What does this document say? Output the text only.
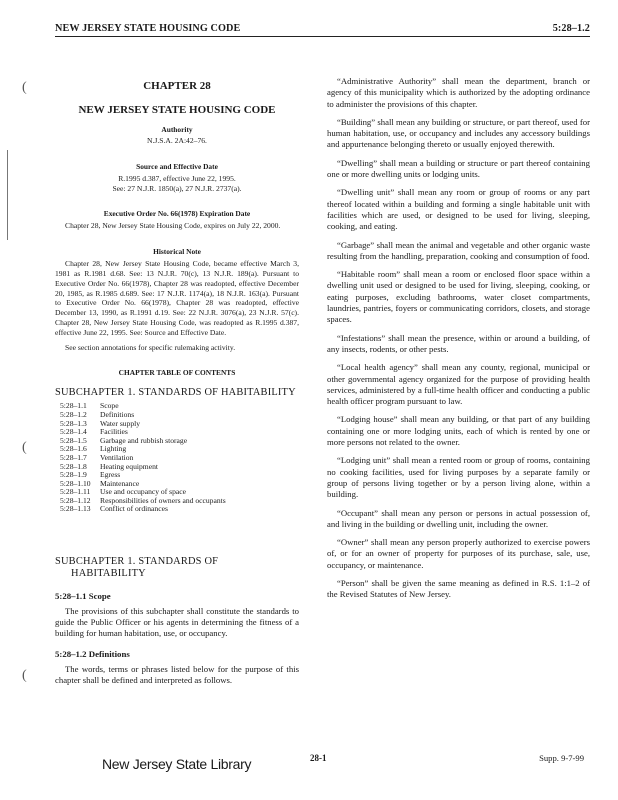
(
(
(
NEW JERSEY STATE HOUSING CODE	5:28–1.2
CHAPTER 28
NEW JERSEY STATE HOUSING CODE
Authority
N.J.S.A. 2A:42–76.
Source and Effective Date
R.1995 d.387, effective June 22, 1995.
See: 27 N.J.R. 1850(a), 27 N.J.R. 2737(a).
Executive Order No. 66(1978) Expiration Date
Chapter 28, New Jersey State Housing Code, expires on July 22, 2000.
Historical Note
Chapter 28, New Jersey State Housing Code, became effective March 3, 1981 as R.1981 d.68. See: 13 N.J.R. 70(c), 13 N.J.R. 189(a). Pursuant to Executive Order No. 66(1978), Chapter 28 was readopted, effective December 20, 1985, as R.1985 d.689. See: 17 N.J.R. 1174(a), 18 N.J.R. 163(a). Pursuant to Executive Order No. 66(1978), Chapter 28 was readopted, effective December 13, 1990, as R.1991 d.19. See: 22 N.J.R. 3076(a), 23 N.J.R. 57(c). Chapter 28, New Jersey State Housing Code, was readopted as R.1995 d.387, effective June 22, 1995. See: Source and Effective Date.
See section annotations for specific rulemaking activity.
CHAPTER TABLE OF CONTENTS
SUBCHAPTER 1. STANDARDS OF HABITABILITY
5:28–1.1	Scope
5:28–1.2	Definitions
5:28–1.3	Water supply
5:28–1.4	Facilities
5:28–1.5	Garbage and rubbish storage
5:28–1.6	Lighting
5:28–1.7	Ventilation
5:28–1.8	Heating equipment
5:28–1.9	Egress
5:28–1.10	Maintenance
5:28–1.11	Use and occupancy of space
5:28–1.12	Responsibilities of owners and occupants
5:28–1.13	Conflict of ordinances
SUBCHAPTER 1. STANDARDS OF
HABITABILITY
5:28–1.1 Scope
The provisions of this subchapter shall constitute the standards to guide the Public Officer or his agents in determining the fitness of a building for human habitation, use, or occupancy.
5:28–1.2 Definitions
The words, terms or phrases listed below for the purpose of this chapter shall be defined and interpreted as follows.

“Administrative Authority” shall mean the department, branch or agency of this municipality which is authorized by the adopting ordinance to administer the provisions of this chapter.

“Building” shall mean any building or structure, or part thereof, used for human habitation, use, or occupancy and includes any accessory buildings and appurtenance belonging thereto or usually enjoyed therewith.

“Dwelling” shall mean a building or structure or part thereof containing one or more dwelling units or lodging units.

“Dwelling unit” shall mean any room or group of rooms or any part thereof located within a building and forming a single habitable unit with facilities which are used, or designed to be used for living, sleeping, cooking, and eating.

“Garbage” shall mean the animal and vegetable and other organic waste resulting from the handling, preparation, cooking and consumption of food.

“Habitable room” shall mean a room or enclosed floor space within a dwelling unit used or designed to be used for living, sleeping, cooking, or eating purposes, excluding bathrooms, water closet compartments, laundries, pantries, foyers or communicating corridors, closets, and storage spaces.

“Infestations” shall mean the presence, within or around a building, of any insects, rodents, or other pests.

“Local health agency” shall mean any county, regional, municipal or other governmental agency organized for the purpose of providing health services, administered by a full-time health officer and conducting a public health officer program pursuant to law.

“Lodging house” shall mean any building, or that part of any building containing one or more lodging units, each of which is rented by one or more persons not related to the owner.

“Lodging unit” shall mean a rented room or group of rooms, containing no cooking facilities, used for living purposes by a separate family or group of persons living together or by a person living alone, within a building.

“Occupant” shall mean any person or persons in actual possession of, and living in the building or dwelling unit, including the owner.

“Owner” shall mean any person properly authorized to exercise powers of, or for an owner of property for purposes of its purchase, sale, use, occupancy, or maintenance.

“Person” shall be given the same meaning as defined in R.S. 1:1–2 of the Revised Statutes of New Jersey.

New Jersey State Library	28-1	Supp. 9-7-99
